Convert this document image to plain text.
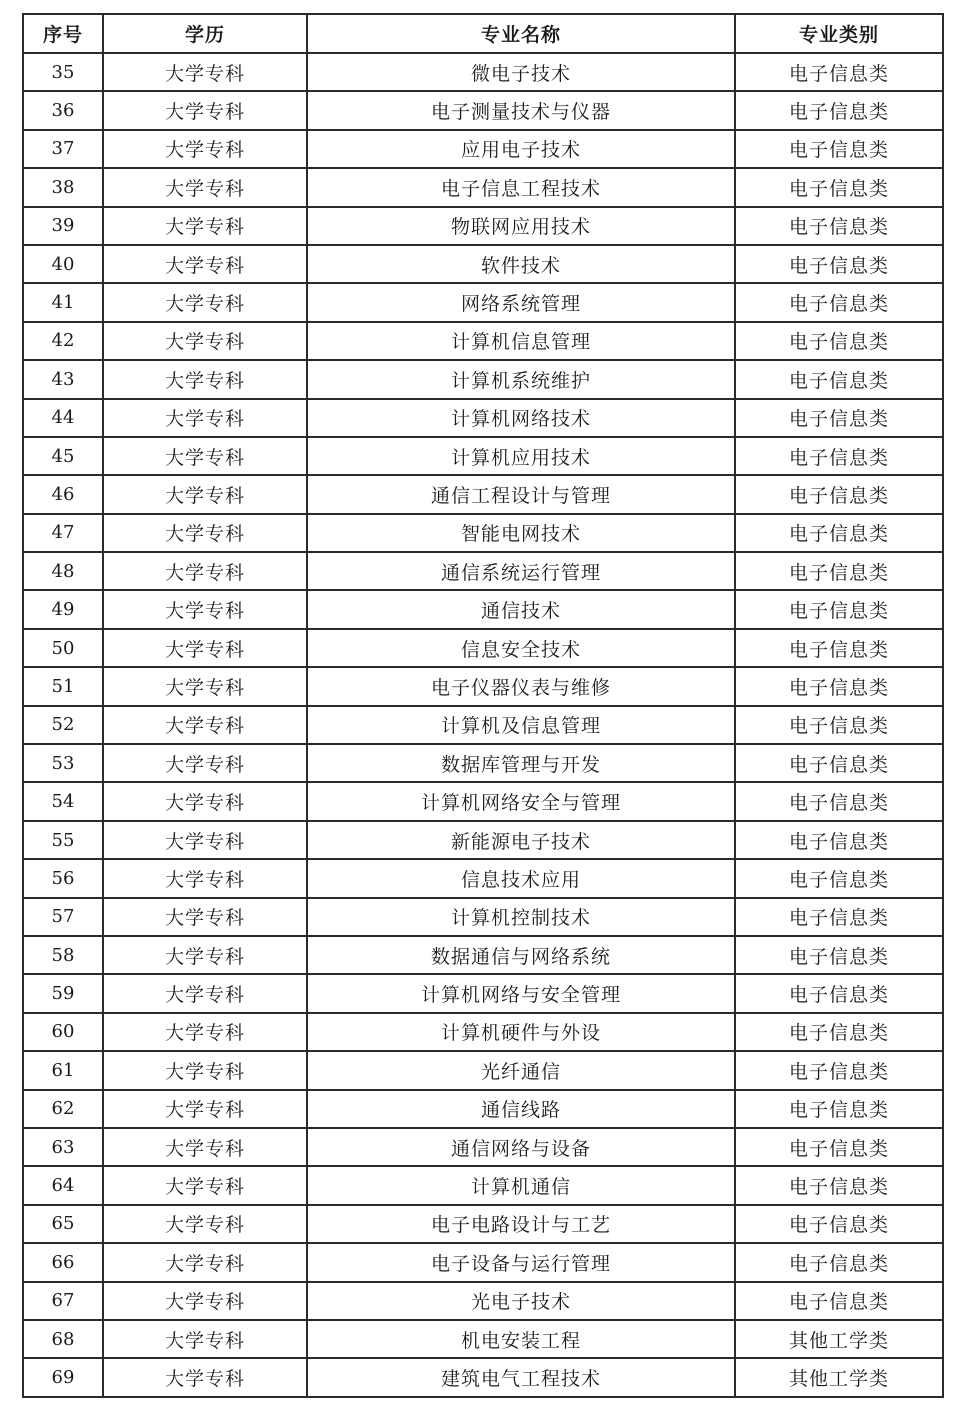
序号	学历	专业名称	专业类别
35	大学专科	微电子技术	电子信息类
36	大学专科	电子测量技术与仪器	电子信息类
37	大学专科	应用电子技术	电子信息类
38	大学专科	电子信息工程技术	电子信息类
39	大学专科	物联网应用技术	电子信息类
40	大学专科	软件技术	电子信息类
41	大学专科	网络系统管理	电子信息类
42	大学专科	计算机信息管理	电子信息类
43	大学专科	计算机系统维护	电子信息类
44	大学专科	计算机网络技术	电子信息类
45	大学专科	计算机应用技术	电子信息类
46	大学专科	通信工程设计与管理	电子信息类
47	大学专科	智能电网技术	电子信息类
48	大学专科	通信系统运行管理	电子信息类
49	大学专科	通信技术	电子信息类
50	大学专科	信息安全技术	电子信息类
51	大学专科	电子仪器仪表与维修	电子信息类
52	大学专科	计算机及信息管理	电子信息类
53	大学专科	数据库管理与开发	电子信息类
54	大学专科	计算机网络安全与管理	电子信息类
55	大学专科	新能源电子技术	电子信息类
56	大学专科	信息技术应用	电子信息类
57	大学专科	计算机控制技术	电子信息类
58	大学专科	数据通信与网络系统	电子信息类
59	大学专科	计算机网络与安全管理	电子信息类
60	大学专科	计算机硬件与外设	电子信息类
61	大学专科	光纤通信	电子信息类
62	大学专科	通信线路	电子信息类
63	大学专科	通信网络与设备	电子信息类
64	大学专科	计算机通信	电子信息类
65	大学专科	电子电路设计与工艺	电子信息类
66	大学专科	电子设备与运行管理	电子信息类
67	大学专科	光电子技术	电子信息类
68	大学专科	机电安装工程	其他工学类
69	大学专科	建筑电气工程技术	其他工学类
